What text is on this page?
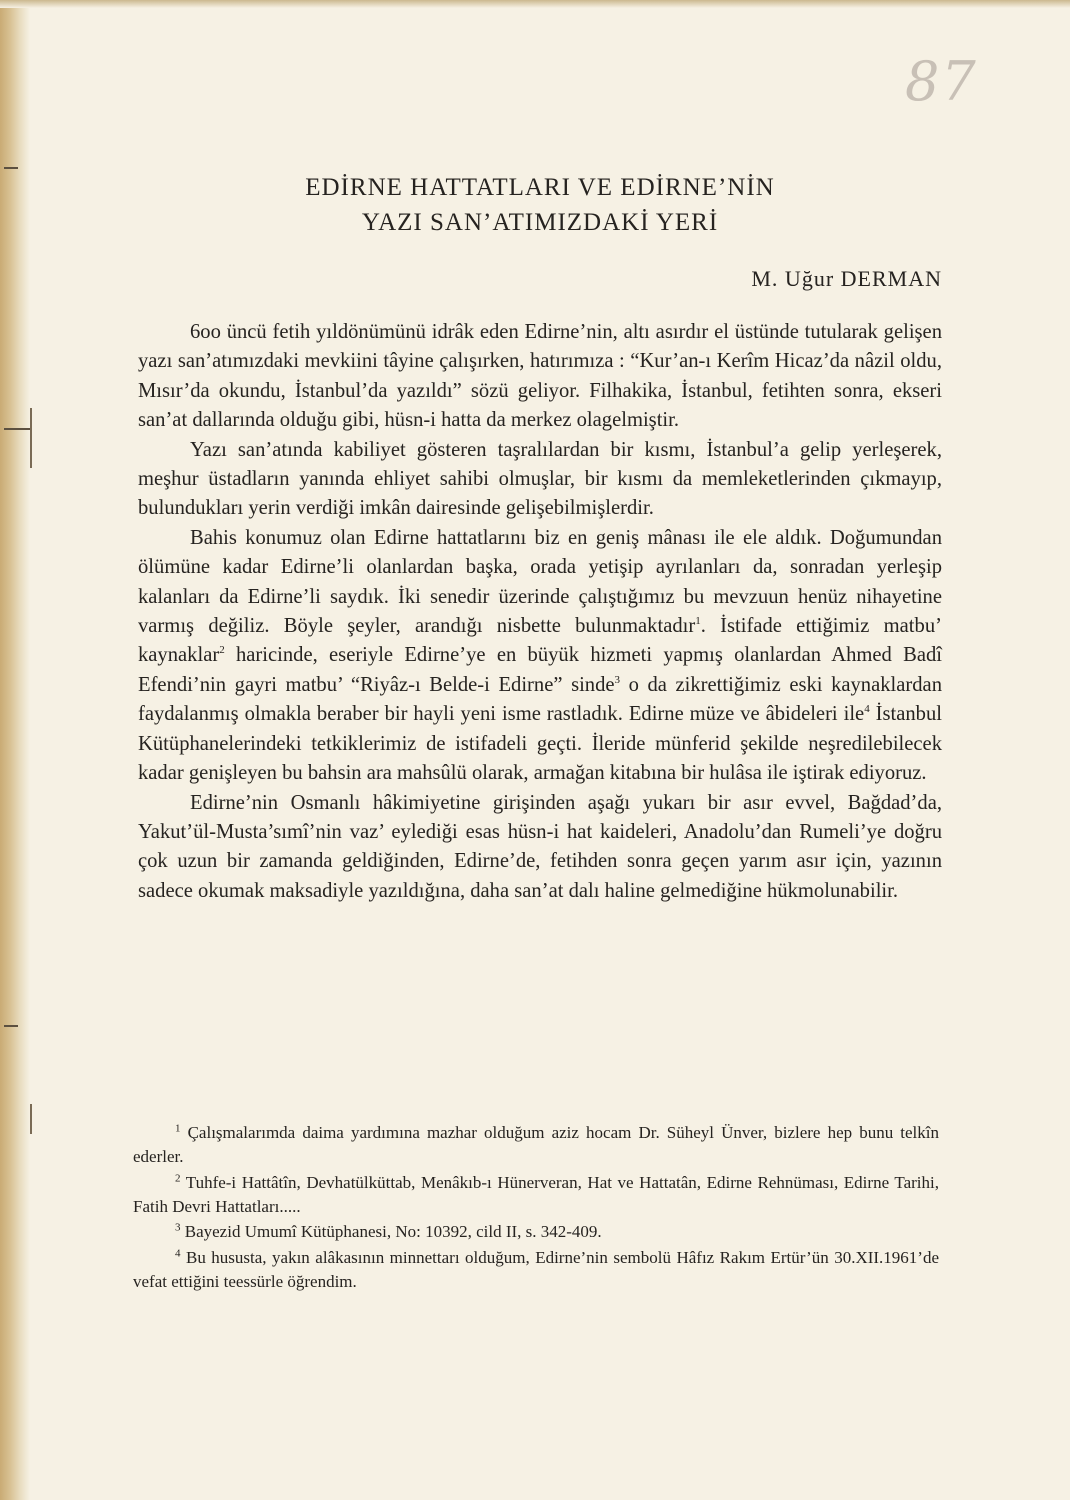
87
EDİRNE HATTATLARI VE EDİRNE’NİN
YAZI SAN’ATIMIZDAKİ YERİ
M. Uğur DERMAN

6oo üncü fetih yıldönümünü idrâk eden Edirne’nin, altı asırdır el üstünde tutularak gelişen yazı san’atımızdaki mevkiini tâyine çalışırken, hatırımıza : “Kur’an-ı Kerîm Hicaz’da nâzil oldu, Mısır’da okundu, İstanbul’da yazıldı” sözü geliyor. Filhakika, İstanbul, fetihten sonra, ekseri san’at dallarında olduğu gibi, hüsn-i hatta da merkez olagelmiştir.

Yazı san’atında kabiliyet gösteren taşralılardan bir kısmı, İstanbul’a gelip yerleşerek, meşhur üstadların yanında ehliyet sahibi olmuşlar, bir kısmı da memleketlerinden çıkmayıp, bulundukları yerin verdiği imkân dairesinde gelişebilmişlerdir.

Bahis konumuz olan Edirne hattatlarını biz en geniş mânası ile ele aldık. Doğumundan ölümüne kadar Edirne’li olanlardan başka, orada yetişip ayrılanları da, sonradan yerleşip kalanları da Edirne’li saydık. İki senedir üzerinde çalıştığımız bu mevzuun henüz nihayetine varmış değiliz. Böyle şeyler, arandığı nisbette bulunmaktadır$^1$. İstifade ettiğimiz matbu’ kaynaklar$^2$ haricinde, eseriyle Edirne’ye en büyük hizmeti yapmış olanlardan Ahmed Badî Efendi’nin gayri matbu’ “Riyâz-ı Belde-i Edirne” sinde$^3$ o da zikrettiğimiz eski kaynaklardan faydalanmış olmakla beraber bir hayli yeni isme rastladık. Edirne müze ve âbideleri ile$^4$ İstanbul Kütüphanelerindeki tetkiklerimiz de istifadeli geçti. İleride münferid şekilde neşredilebilecek kadar genişleyen bu bahsin ara mahsûlü olarak, armağan kitabına bir hulâsa ile iştirak ediyoruz.

Edirne’nin Osmanlı hâkimiyetine girişinden aşağı yukarı bir asır evvel, Bağdad’da, Yakut’ül-Musta’sımî’nin vaz’ eylediği esas hüsn-i hat kaideleri, Anadolu’dan Rumeli’ye doğru çok uzun bir zamanda geldiğinden, Edirne’de, fetihden sonra geçen yarım asır için, yazının sadece okumak maksadiyle yazıldığına, daha san’at dalı haline gelmediğine hükmolunabilir.

$^1$ Çalışmalarımda daima yardımına mazhar olduğum aziz hocam Dr. Süheyl Ünver, bizlere hep bunu telkîn ederler.

$^2$ Tuhfe-i Hattâtîn, Devhatülküttab, Menâkıb-ı Hünerveran, Hat ve Hattatân, Edirne Rehnüması, Edirne Tarihi, Fatih Devri Hattatları.....

$^3$ Bayezid Umumî Kütüphanesi, No: 10392, cild II, s. 342-409.

$^4$ Bu hususta, yakın alâkasının minnettarı olduğum, Edirne’nin sembolü Hâfız Rakım Ertür’ün 30.XII.1961’de vefat ettiğini teessürle öğrendim.
